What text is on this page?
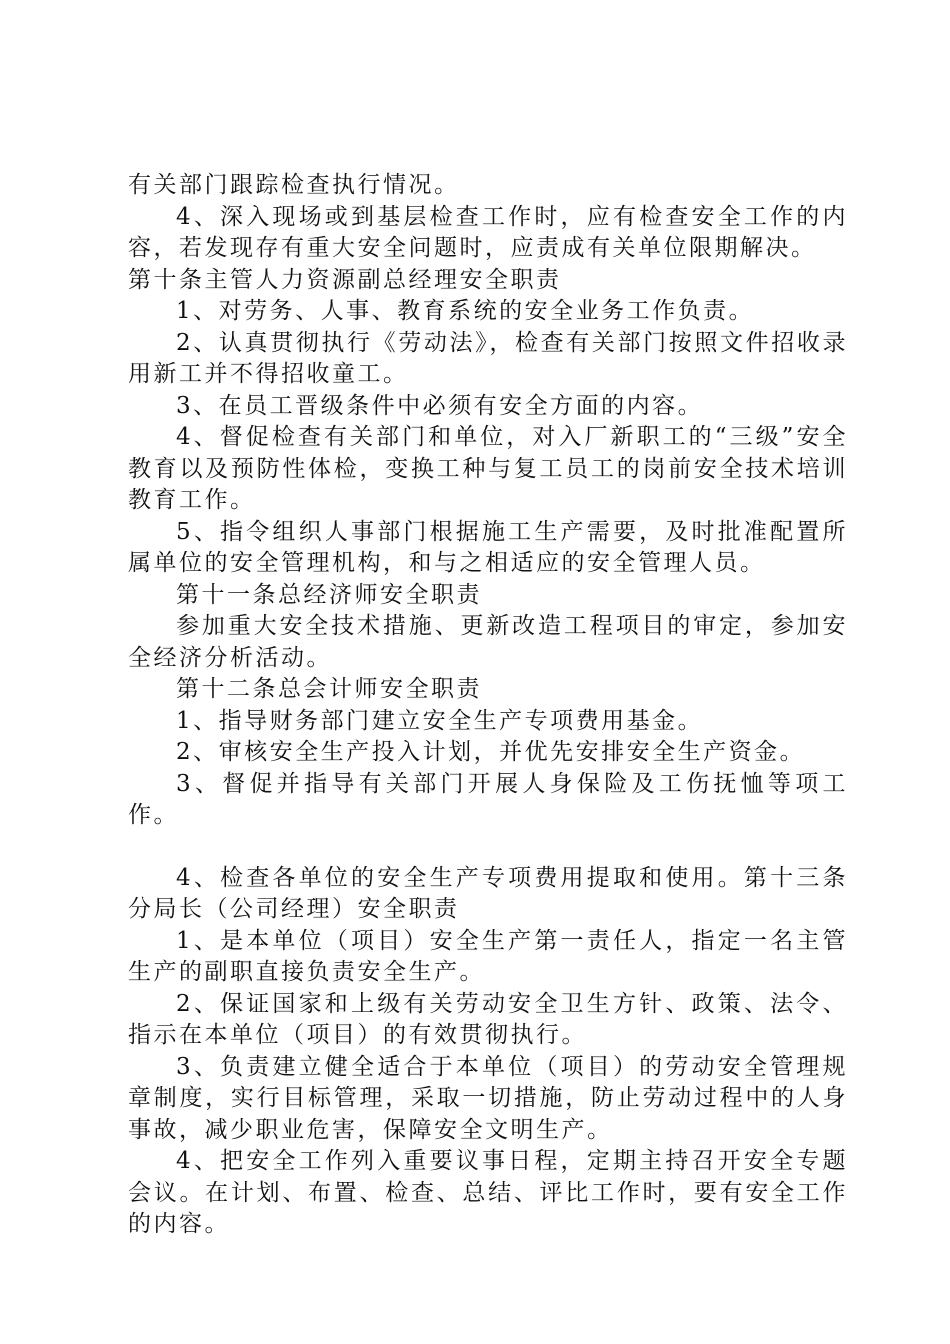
有关部门跟踪检查执行情况。

4、深入现场或到基层检查工作时，应有检查安全工作的内容，若发现存有重大安全问题时，应责成有关单位限期解决。

第十条主管人力资源副总经理安全职责

1、对劳务、人事、教育系统的安全业务工作负责。

2、认真贯彻执行《劳动法》，检查有关部门按照文件招收录用新工并不得招收童工。

3、在员工晋级条件中必须有安全方面的内容。

4、督促检查有关部门和单位，对入厂新职工的“三级”安全教育以及预防性体检，变换工种与复工员工的岗前安全技术培训教育工作。

5、指令组织人事部门根据施工生产需要，及时批准配置所属单位的安全管理机构，和与之相适应的安全管理人员。

第十一条总经济师安全职责

参加重大安全技术措施、更新改造工程项目的审定，参加安全经济分析活动。

第十二条总会计师安全职责

1、指导财务部门建立安全生产专项费用基金。

2、审核安全生产投入计划，并优先安排安全生产资金。

3、督促并指导有关部门开展人身保险及工伤抚恤等项工作。

4、检查各单位的安全生产专项费用提取和使用。第十三条分局长（公司经理）安全职责

1、是本单位（项目）安全生产第一责任人，指定一名主管生产的副职直接负责安全生产。

2、保证国家和上级有关劳动安全卫生方针、政策、法令、指示在本单位（项目）的有效贯彻执行。

3、负责建立健全适合于本单位（项目）的劳动安全管理规章制度，实行目标管理，采取一切措施，防止劳动过程中的人身事故，减少职业危害，保障安全文明生产。

4、把安全工作列入重要议事日程，定期主持召开安全专题会议。在计划、布置、检查、总结、评比工作时，要有安全工作的内容。
